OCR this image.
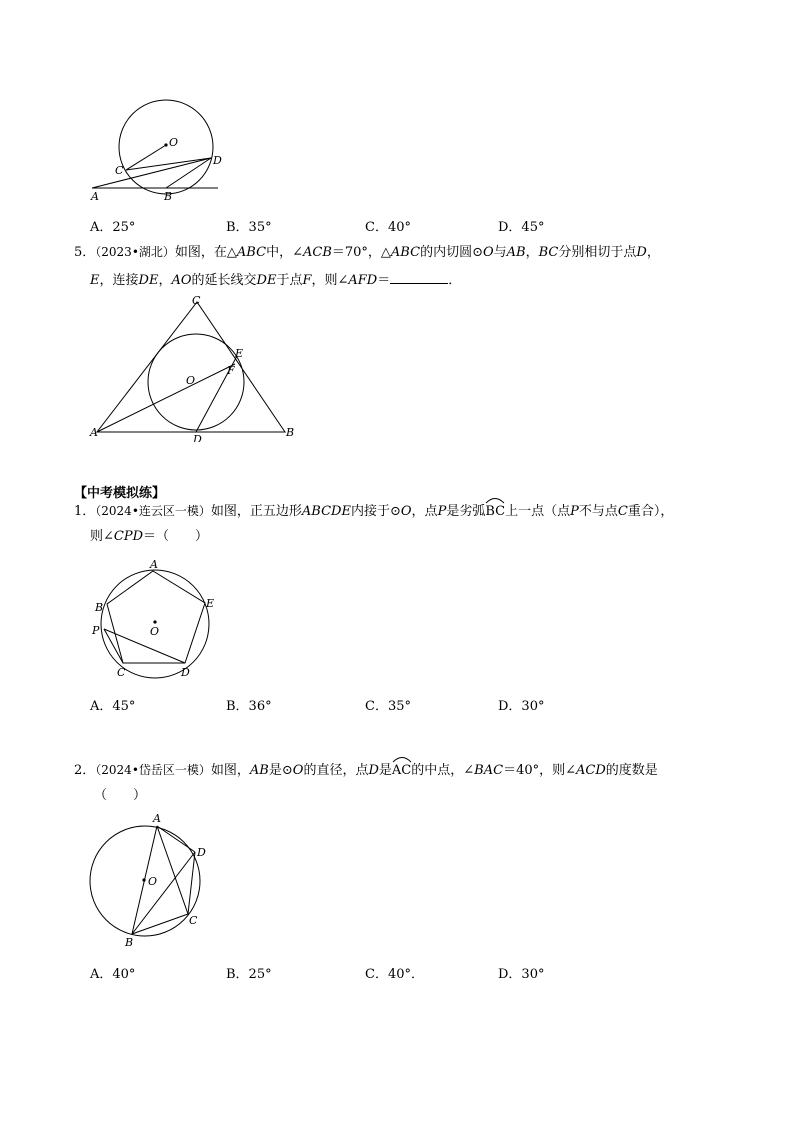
O
C
D
A	B
A．25°	B．35°	C．40°	D．45°
5．（2023•湖北）如图，在△ABC中，∠ACB＝70°，△ABC的内切圆⊙O与AB，BC分别相切于点D，
E，连接DE，AO的延长线交DE于点F，则∠AFD＝	．
C
E
F
O
A
D
B
【中考模拟练】
1．（2024•连云区一模）如图，正五边形ABCDE内接于⊙O，点P是劣弧
BC上一点（点P不与点C重合），
则∠CPD＝（　　）
A
B	E
P	O
C	D
A．45°	B．36°	C．35°	D．30°
2．（2024•岱岳区一模）如图，AB是⊙O的直径，点D是
AC的中点，∠BAC＝40°，则∠ACD的度数是
（　　）
A
D
O
C
B
A．40°	B．25°	C．40°．	D．30°
